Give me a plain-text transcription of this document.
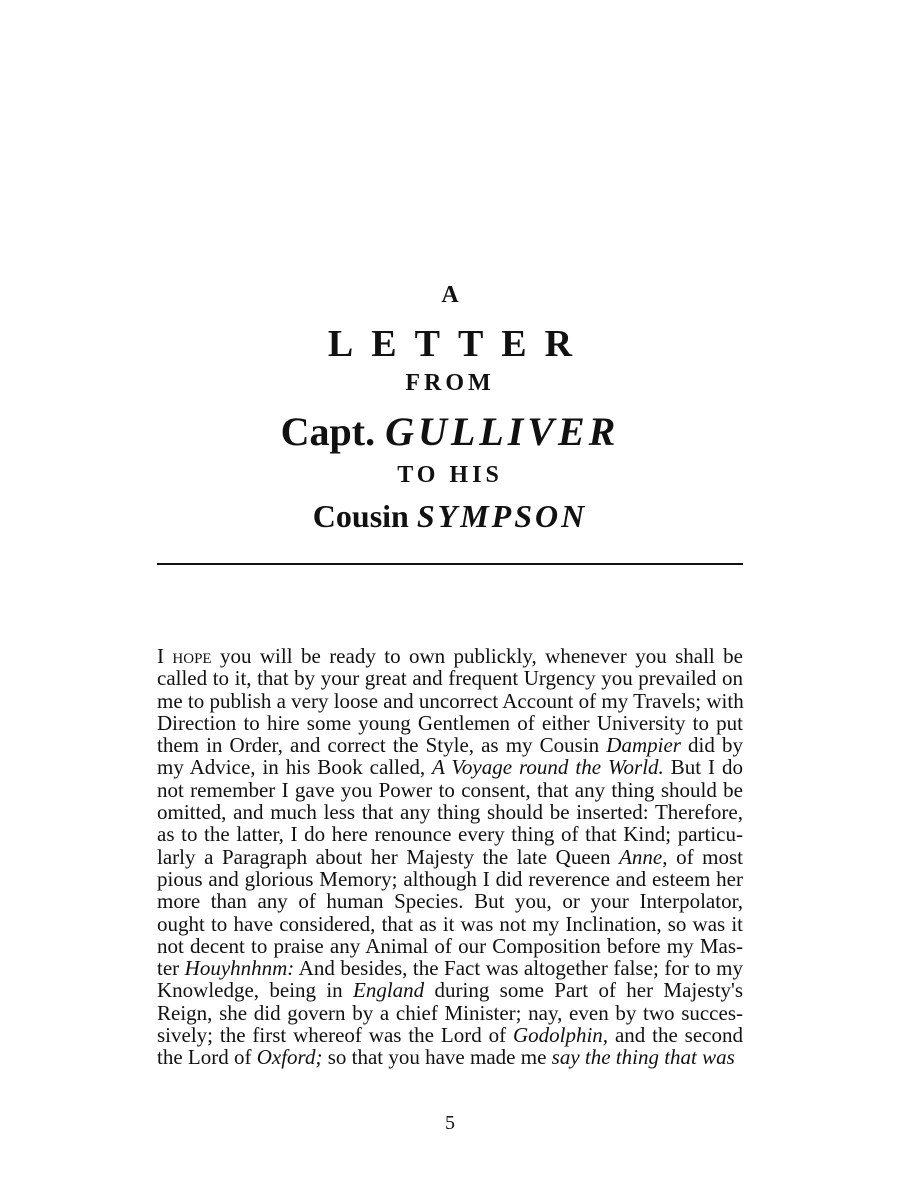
A
LETTER
FROM
Capt. GULLIVER
TO HIS
Cousin SYMPSON
I hope you will be ready to own publickly, whenever you shall be
called to it, that by your great and frequent Urgency you prevailed on
me to publish a very loose and uncorrect Account of my Travels; with
Direction to hire some young Gentlemen of either University to put
them in Order, and correct the Style, as my Cousin Dampier did by
my Advice, in his Book called, A Voyage round the World. But I do
not remember I gave you Power to consent, that any thing should be
omitted, and much less that any thing should be inserted: Therefore,
as to the latter, I do here renounce every thing of that Kind; particu-
larly a Paragraph about her Majesty the late Queen Anne, of most
pious and glorious Memory; although I did reverence and esteem her
more than any of human Species. But you, or your Interpolator,
ought to have considered, that as it was not my Inclination, so was it
not decent to praise any Animal of our Composition before my Mas-
ter Houyhnhnm: And besides, the Fact was altogether false; for to my
Knowledge, being in England during some Part of her Majesty's
Reign, she did govern by a chief Minister; nay, even by two succes-
sively; the first whereof was the Lord of Godolphin, and the second
the Lord of Oxford; so that you have made me say the thing that was
5
